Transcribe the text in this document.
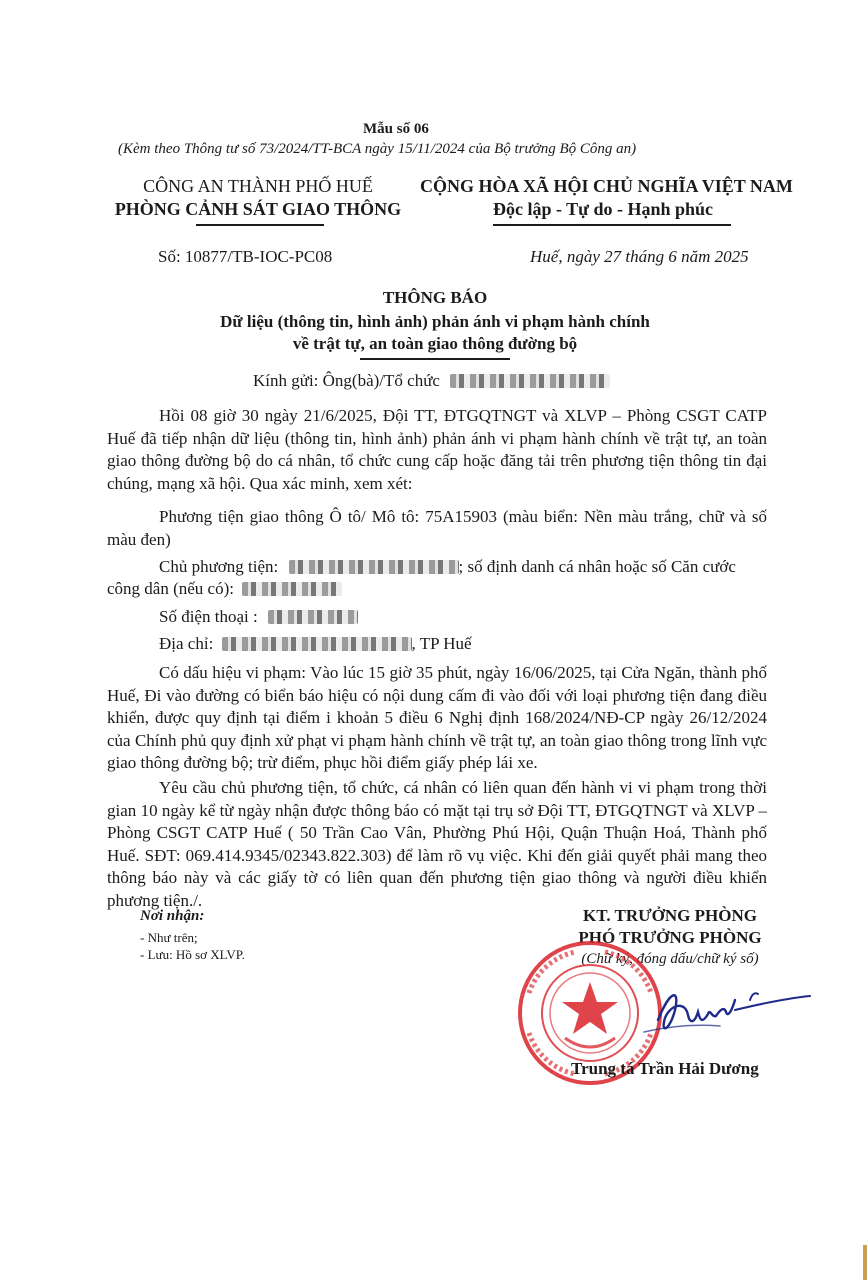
Mẫu số 06
(Kèm theo Thông tư số 73/2024/TT-BCA ngày 15/11/2024 của Bộ trưởng Bộ Công an)
CÔNG AN THÀNH PHỐ HUẾ
PHÒNG CẢNH SÁT GIAO THÔNG
CỘNG HÒA XÃ HỘI CHỦ NGHĨA VIỆT NAM
Độc lập - Tự do - Hạnh phúc
Số: 10877/TB-IOC-PC08	Huế, ngày 27 tháng 6 năm 2025
THÔNG BÁO
Dữ liệu (thông tin, hình ảnh) phản ánh vi phạm hành chính
về trật tự, an toàn giao thông đường bộ
Kính gửi: Ông(bà)/Tổ chức
Hồi 08 giờ 30 ngày 21/6/2025, Đội TT, ĐTGQTNGT và XLVP – Phòng CSGT CATP Huế đã tiếp nhận dữ liệu (thông tin, hình ảnh) phản ánh vi phạm hành chính về trật tự, an toàn giao thông đường bộ do cá nhân, tổ chức cung cấp hoặc đăng tải trên phương tiện thông tin đại chúng, mạng xã hội. Qua xác minh, xem xét:
Phương tiện giao thông Ô tô/ Mô tô: 75A15903 (màu biển: Nền màu trắng, chữ và số màu đen)
Chủ phương tiện:	; số định danh cá nhân hoặc số Căn cước
công dân (nếu có):
Số điện thoại :
Địa chỉ:	, TP Huế
Có dấu hiệu vi phạm: Vào lúc 15 giờ 35 phút, ngày 16/06/2025, tại Cửa Ngăn, thành phố Huế, Đi vào đường có biển báo hiệu có nội dung cấm đi vào đối với loại phương tiện đang điều khiển, được quy định tại điểm i khoản 5 điều 6 Nghị định 168/2024/NĐ-CP ngày 26/12/2024 của Chính phủ quy định xử phạt vi phạm hành chính về trật tự, an toàn giao thông trong lĩnh vực giao thông đường bộ; trừ điểm, phục hồi điểm giấy phép lái xe.
Yêu cầu chủ phương tiện, tổ chức, cá nhân có liên quan đến hành vi vi phạm trong thời gian 10 ngày kể từ ngày nhận được thông báo có mặt tại trụ sở Đội TT, ĐTGQTNGT và XLVP – Phòng CSGT CATP Huế ( 50 Trần Cao Vân, Phường Phú Hội, Quận Thuận Hoá, Thành phố Huế. SĐT: 069.414.9345/02343.822.303) để làm rõ vụ việc. Khi đến giải quyết phải mang theo thông báo này và các giấy tờ có liên quan đến phương tiện giao thông và người điều khiển phương tiện./.
Nơi nhận:
- Như trên;
- Lưu: Hồ sơ XLVP.
KT. TRƯỞNG PHÒNG
PHÓ TRƯỞNG PHÒNG
(Chữ ký, đóng dấu/chữ ký số)
Trung tá Trần Hải Dương
